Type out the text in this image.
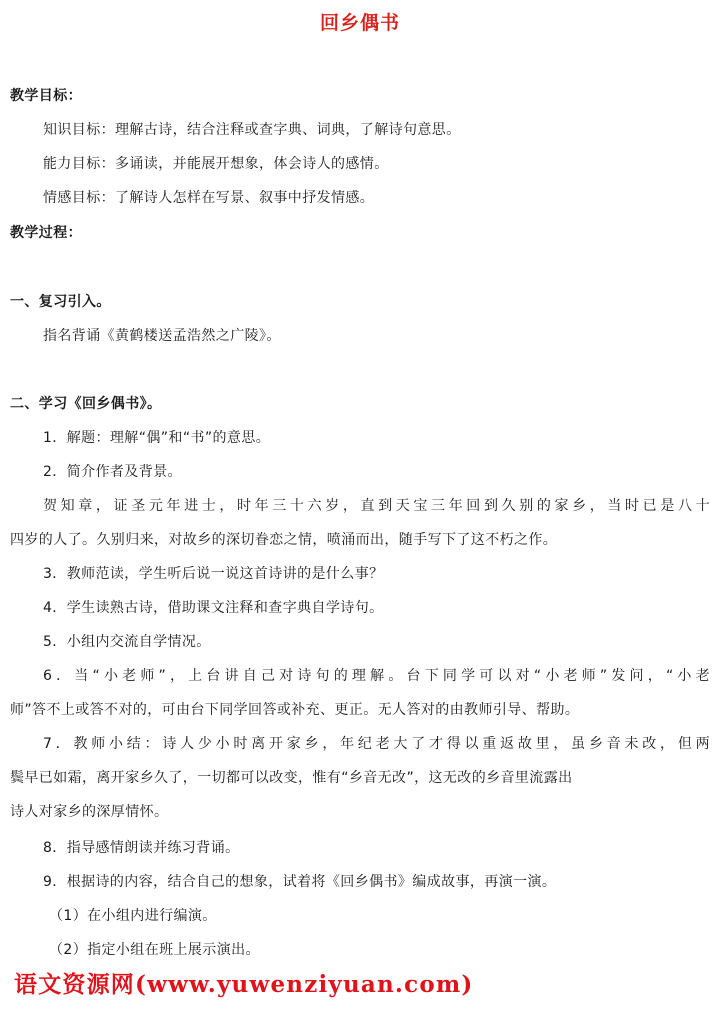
回乡偶书
教学目标：
知识目标：理解古诗，结合注释或查字典、词典，了解诗句意思。
能力目标：多诵读，并能展开想象，体会诗人的感情。
情感目标：了解诗人怎样在写景、叙事中抒发情感。
教学过程：
一、复习引入。
指名背诵《黄鹤楼送孟浩然之广陵》。
二、学习《回乡偶书》。
1．解题：理解“偶”和“书”的意思。
2．简介作者及背景。
贺知章，证圣元年进士，时年三十六岁，直到天宝三年回到久别的家乡，当时已是八十
四岁的人了。久别归来，对故乡的深切眷恋之情，喷涌而出，随手写下了这不朽之作。
3．教师范读，学生听后说一说这首诗讲的是什么事？
4．学生读熟古诗，借助课文注释和查字典自学诗句。
5．小组内交流自学情况。
6．当“小老师”，上台讲自己对诗句的理解。台下同学可以对“小老师”发问，“小老
师”答不上或答不对的，可由台下同学回答或补充、更正。无人答对的由教师引导、帮助。
7．教师小结：诗人少小时离开家乡，年纪老大了才得以重返故里，虽乡音未改，但两
鬓早已如霜，离开家乡久了，一切都可以改变，惟有“乡音无改”，这无改的乡音里流露出
诗人对家乡的深厚情怀。
8．指导感情朗读并练习背诵。
9．根据诗的内容，结合自己的想象，试着将《回乡偶书》编成故事，再演一演。
（1）在小组内进行编演。
（2）指定小组在班上展示演出。
语文资源网(www.yuwenziyuan.com)
